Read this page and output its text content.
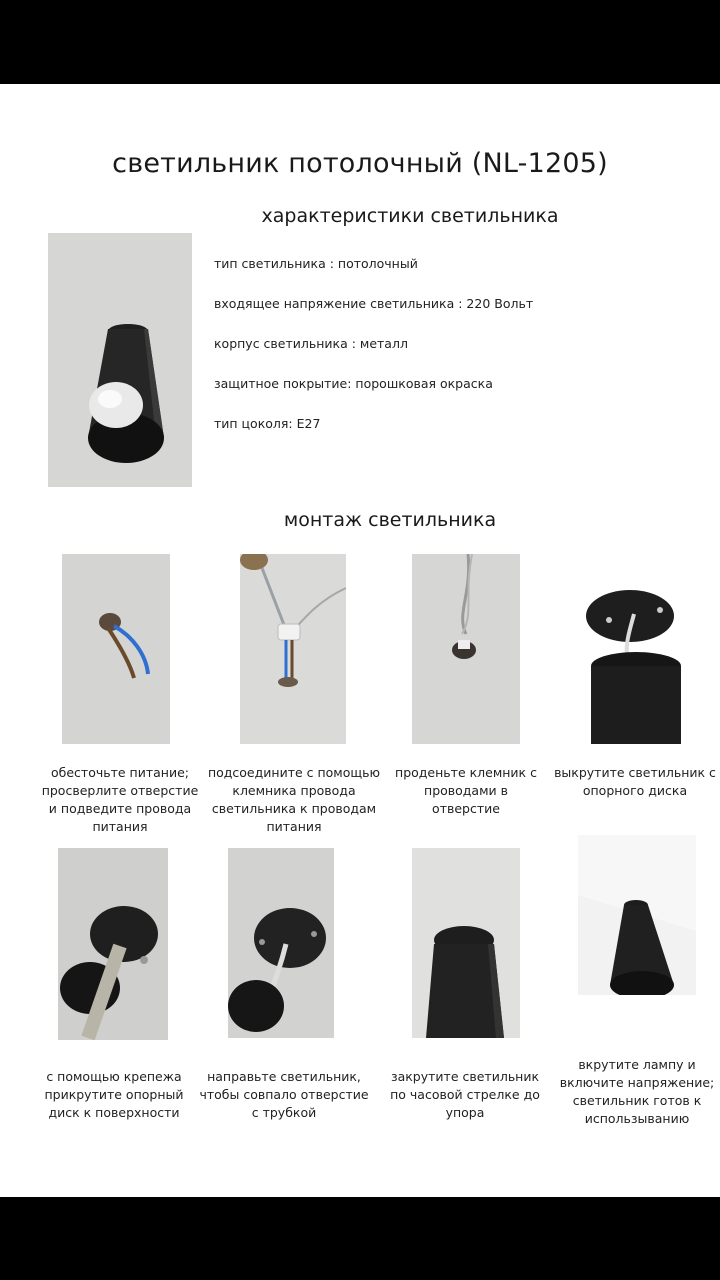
светильник потолочный (NL-1205)
характеристики светильника
тип светильника : потолочный
входящее напряжение светильника : 220 Вольт
корпус светильника : металл
защитное покрытие: порошковая окраска
тип цоколя: E27
монтаж светильника
обесточьте питание; просверлите отверстие и подведите провода питания
подсоедините с помощью клемника провода светильника к проводам питания
проденьте клемник с проводами в отверстие
выкрутите светильник с опорного диска
с помощью крепежа прикрутите опорный диск к поверхности
направьте светильник, чтобы совпало отверстие с трубкой
закрутите светильник по часовой стрелке до упора
вкрутите лампу и включите напряжение; светильник готов к использыванию
